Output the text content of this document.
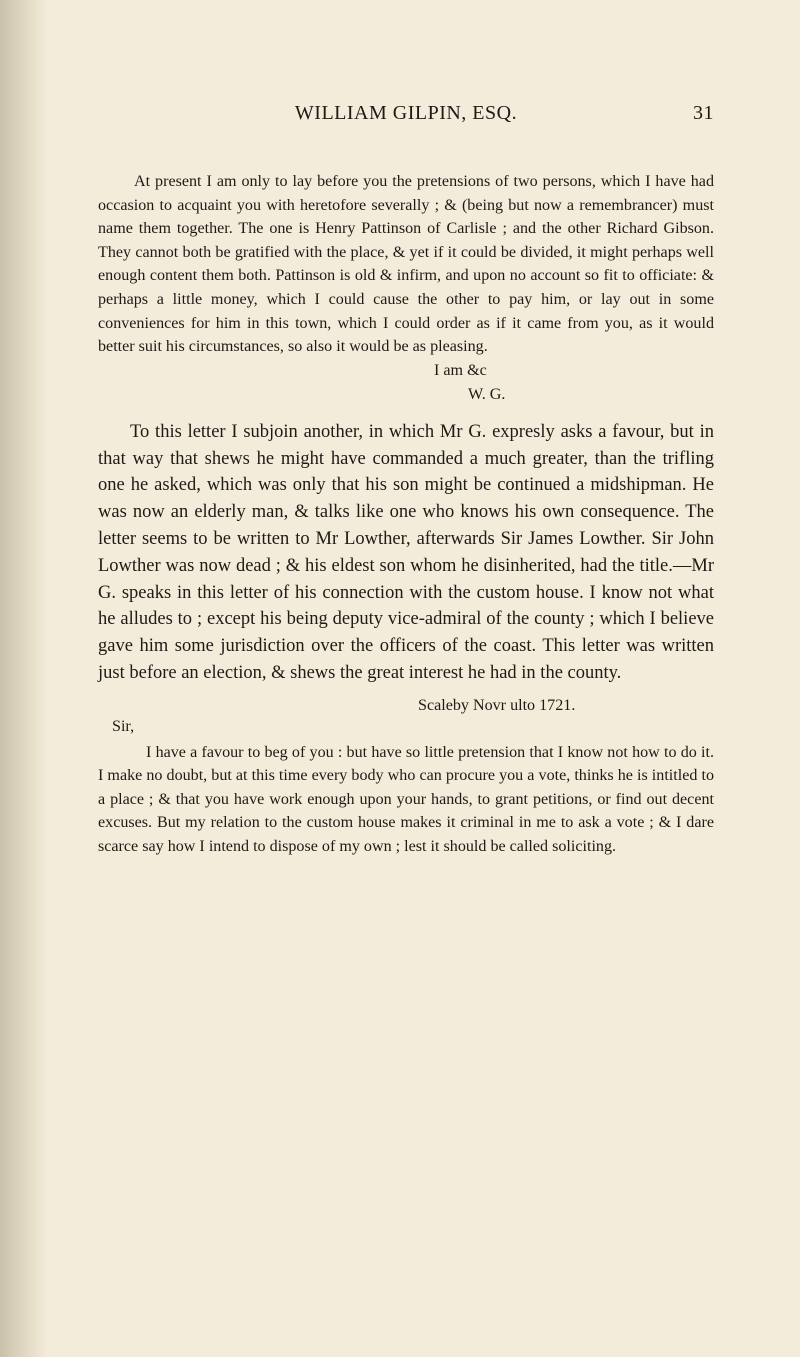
WILLIAM GILPIN, ESQ.	31

At present I am only to lay before you the pretensions of two persons, which I have had occasion to acquaint you with heretofore severally ; & (being but now a remembrancer) must name them together. The one is Henry Pattinson of Carlisle ; and the other Richard Gibson. They cannot both be gratified with the place, & yet if it could be divided, it might perhaps well enough content them both. Pattinson is old & infirm, and upon no account so fit to officiate: & perhaps a little money, which I could cause the other to pay him, or lay out in some conveniences for him in this town, which I could order as if it came from you, as it would better suit his circumstances, so also it would be as pleasing.

I am &c
W. G.

To this letter I subjoin another, in which Mr G. expresly asks a favour, but in that way that shews he might have commanded a much greater, than the trifling one he asked, which was only that his son might be continued a midshipman. He was now an elderly man, & talks like one who knows his own consequence. The letter seems to be written to Mr Lowther, afterwards Sir James Lowther. Sir John Lowther was now dead ; & his eldest son whom he disinherited, had the title.—Mr G. speaks in this letter of his connection with the custom house. I know not what he alludes to ; except his being deputy vice-admiral of the county ; which I believe gave him some jurisdiction over the officers of the coast. This letter was written just before an election, & shews the great interest he had in the county.

Scaleby Novr ulto 1721.
Sir,

I have a favour to beg of you : but have so little pretension that I know not how to do it. I make no doubt, but at this time every body who can procure you a vote, thinks he is intitled to a place ; & that you have work enough upon your hands, to grant petitions, or find out decent excuses. But my relation to the custom house makes it criminal in me to ask a vote ; & I dare scarce say how I intend to dispose of my own ; lest it should be called soliciting.
